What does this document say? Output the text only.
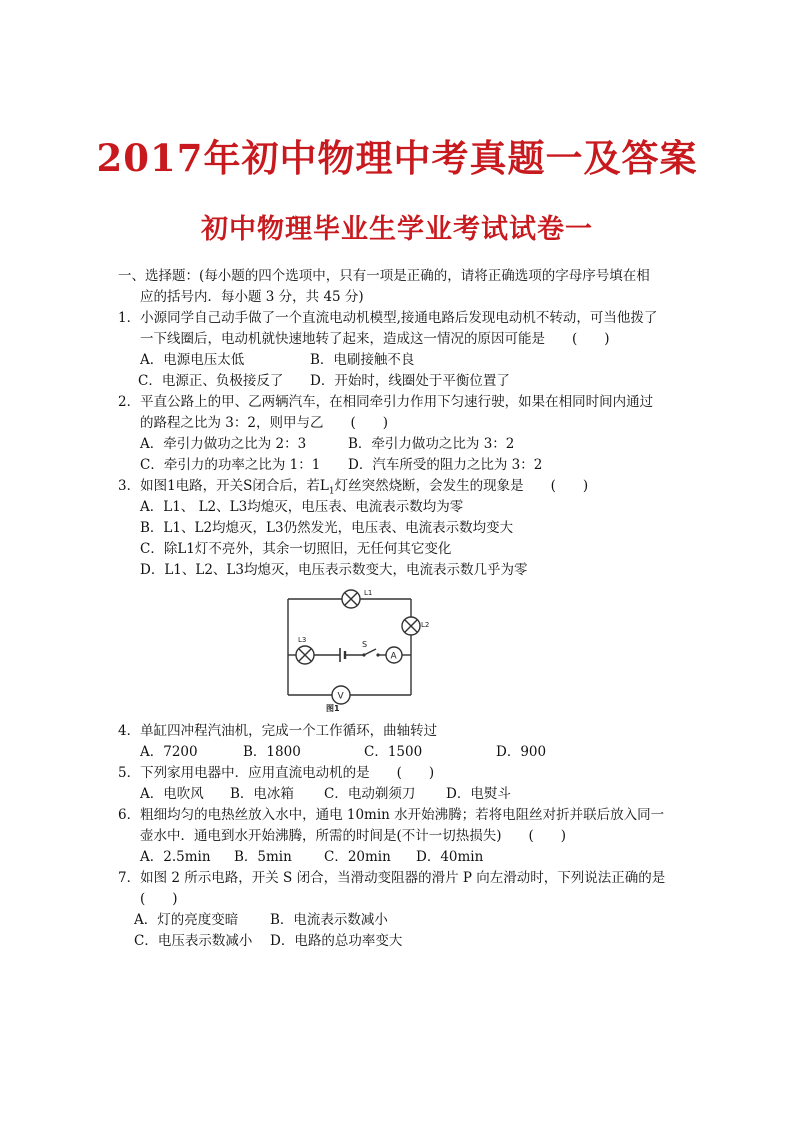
2017年初中物理中考真题一及答案
初中物理毕业生学业考试试卷一
一、选择题：(每小题的四个选项中，只有一项是正确的，请将正确选项的字母序号填在相
应的括号内．每小题 3 分，共 45 分)
1．小源同学自己动手做了一个直流电动机模型,接通电路后发现电动机不转动，可当他拨了
一下线圈后，电动机就快速地转了起来，造成这一情况的原因可能是　　(　　)
A．电源电压太低	B．电刷接触不良
C．电源正、负极接反了 D．开始时，线圈处于平衡位置了
2．平直公路上的甲、乙两辆汽车，在相同牵引力作用下匀速行驶，如果在相同时间内通过
的路程之比为 3：2，则甲与乙　　(　　)
A．牵引力做功之比为 2：3	B．牵引力做功之比为 3：2
C．牵引力的功率之比为 1：1 D．汽车所受的阻力之比为 3：2
3．如图1电路，开关S闭合后，若$L_1$灯丝突然烧断，会发生的现象是　　(　　)
A．L1、 L2、L3均熄灭，电压表、电流表示数均为零
B．L1、L2均熄灭，L3仍然发光，电压表、电流表示数均变大
C．除L1灯不亮外，其余一切照旧，无任何其它变化
D．L1、L2、L3均熄灭，电压表示数变大，电流表示数几乎为零
L1
L2
L3	S
A
V
图1
4．单缸四冲程汽油机，完成一个工作循环，曲轴转过
A．7200	B．1800	C．1500	D．900
5．下列家用电器中．应用直流电动机的是　　(　　)
A．电吹风 B．电冰箱 C．电动剃须刀 D．电熨斗
6．粗细均匀的电热丝放入水中，通电 10min 水开始沸腾；若将电阻丝对折并联后放入同一
壶水中．通电到水开始沸腾，所需的时间是(不计一切热损失)　　(　　)
A．2.5min B．5min C．20min D．40min
7．如图 2 所示电路，开关 S 闭合，当滑动变阻器的滑片 P 向左滑动时，下列说法正确的是
(　　)
A．灯的亮度变暗 B．电流表示数减小
C．电压表示数减小 D．电路的总功率变大
